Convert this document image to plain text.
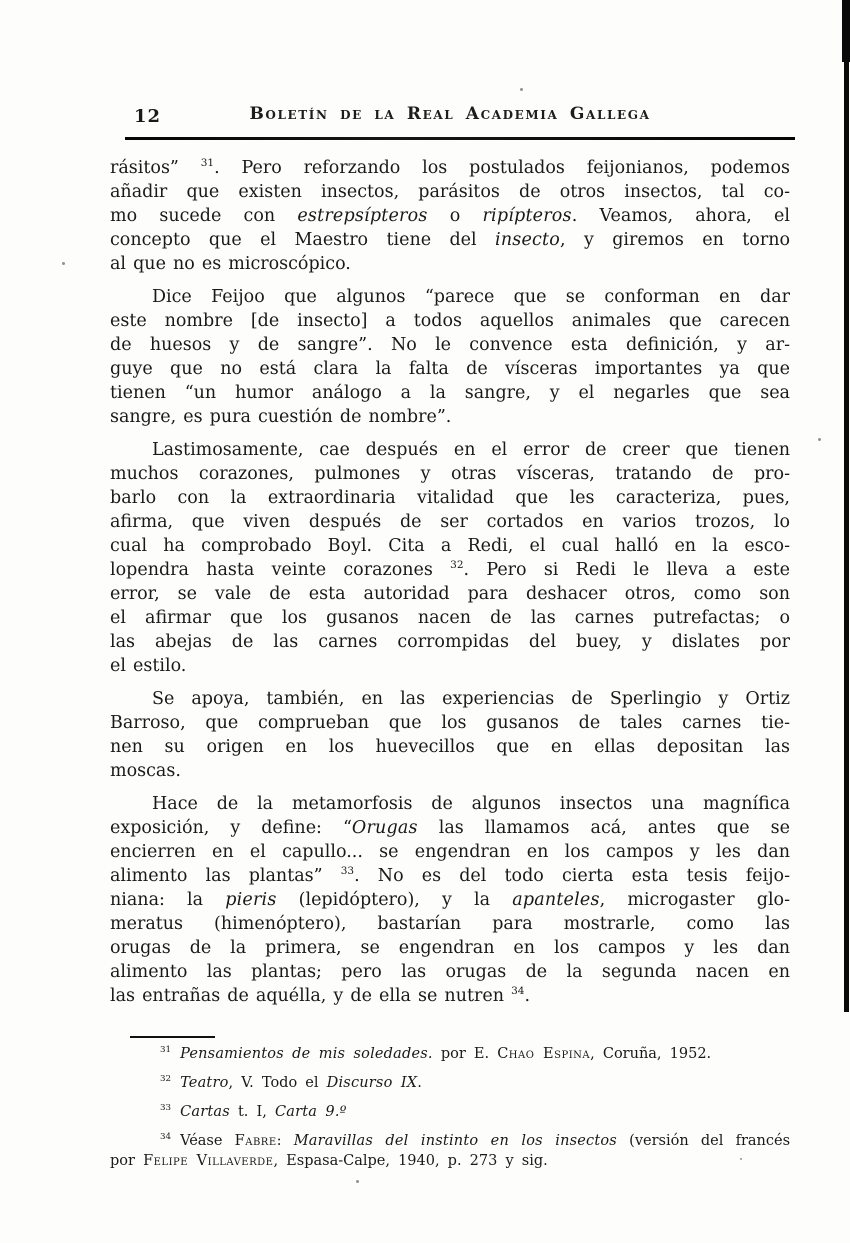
12	Boletín de la Real Academia Gallega
rásitos” $^{31}$. Pero reforzando los postulados feijonianos, podemos
añadir que existen insectos, parásitos de otros insectos, tal co-
mo sucede con estrepsípteros o ripípteros. Veamos, ahora, el
concepto que el Maestro tiene del insecto, y giremos en torno
al que no es microscópico.
Dice Feijoo que algunos “parece que se conforman en dar
este nombre [de insecto] a todos aquellos animales que carecen
de huesos y de sangre”. No le convence esta definición, y ar-
guye que no está clara la falta de vísceras importantes ya que
tienen “un humor análogo a la sangre, y el negarles que sea
sangre, es pura cuestión de nombre”.
Lastimosamente, cae después en el error de creer que tienen
muchos corazones, pulmones y otras vísceras, tratando de pro-
barlo con la extraordinaria vitalidad que les caracteriza, pues,
afirma, que viven después de ser cortados en varios trozos, lo
cual ha comprobado Boyl. Cita a Redi, el cual halló en la esco-
lopendra hasta veinte corazones $^{32}$. Pero si Redi le lleva a este
error, se vale de esta autoridad para deshacer otros, como son
el afirmar que los gusanos nacen de las carnes putrefactas; o
las abejas de las carnes corrompidas del buey, y dislates por
el estilo.
Se apoya, también, en las experiencias de Sperlingio y Ortiz
Barroso, que comprueban que los gusanos de tales carnes tie-
nen su origen en los huevecillos que en ellas depositan las
moscas.
Hace de la metamorfosis de algunos insectos una magnífica
exposición, y define: “Orugas las llamamos acá, antes que se
encierren en el capullo... se engendran en los campos y les dan
alimento las plantas” $^{33}$. No es del todo cierta esta tesis feijo-
niana: la pieris (lepidóptero), y la apanteles, microgaster glo-
meratus (himenóptero), bastarían para mostrarle, como las
orugas de la primera, se engendran en los campos y les dan
alimento las plantas; pero las orugas de la segunda nacen en
las entrañas de aquélla, y de ella se nutren $^{34}$.
$^{31}$ Pensamientos de mis soledades. por E. Chao Espina, Coruña, 1952.
$^{32}$ Teatro, V. Todo el Discurso IX.
$^{33}$ Cartas t. I, Carta 9.º
$^{34}$ Véase Fabre: Maravillas del instinto en los insectos (versión del francés
por Felipe Villaverde, Espasa-Calpe, 1940, p. 273 y sig.
